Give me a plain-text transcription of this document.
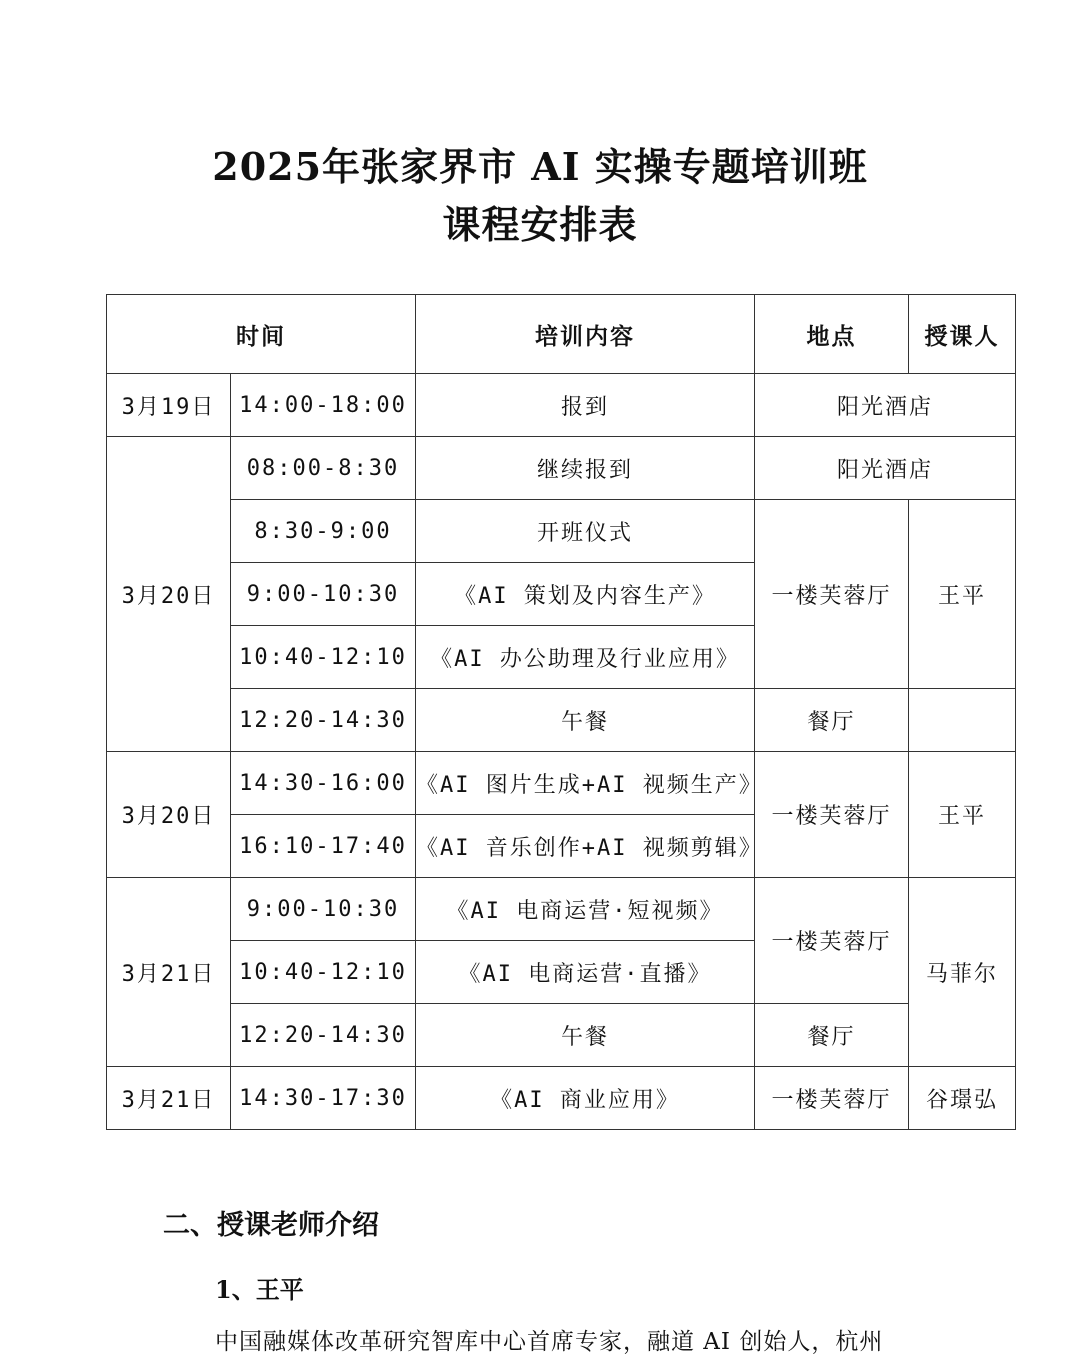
2025年张家界市 AI 实操专题培训班
课程安排表
时间		培训内容	地点	授课人
3月19日	14:00-18:00	报到	阳光酒店	
3月20日	08:00-8:30	继续报到	阳光酒店	
	8:30-9:00	开班仪式	一楼芙蓉厅	王平
	9:00-10:30	《AI 策划及内容生产》		
	10:40-12:10	《AI 办公助理及行业应用》		
	12:20-14:30	午餐	餐厅	
3月20日	14:30-16:00	《AI 图片生成+AI 视频生产》	一楼芙蓉厅	王平
	16:10-17:40	《AI 音乐创作+AI 视频剪辑》		
3月21日	9:00-10:30	《AI 电商运营·短视频》	一楼芙蓉厅	马菲尔
	10:40-12:10	《AI 电商运营·直播》		
	12:20-14:30	午餐	餐厅	
3月21日	14:30-17:30	《AI 商业应用》	一楼芙蓉厅	谷璟弘
二、授课老师介绍
1、王平

中国融媒体改革研究智库中心首席专家，融道 AI 创始人，杭州
